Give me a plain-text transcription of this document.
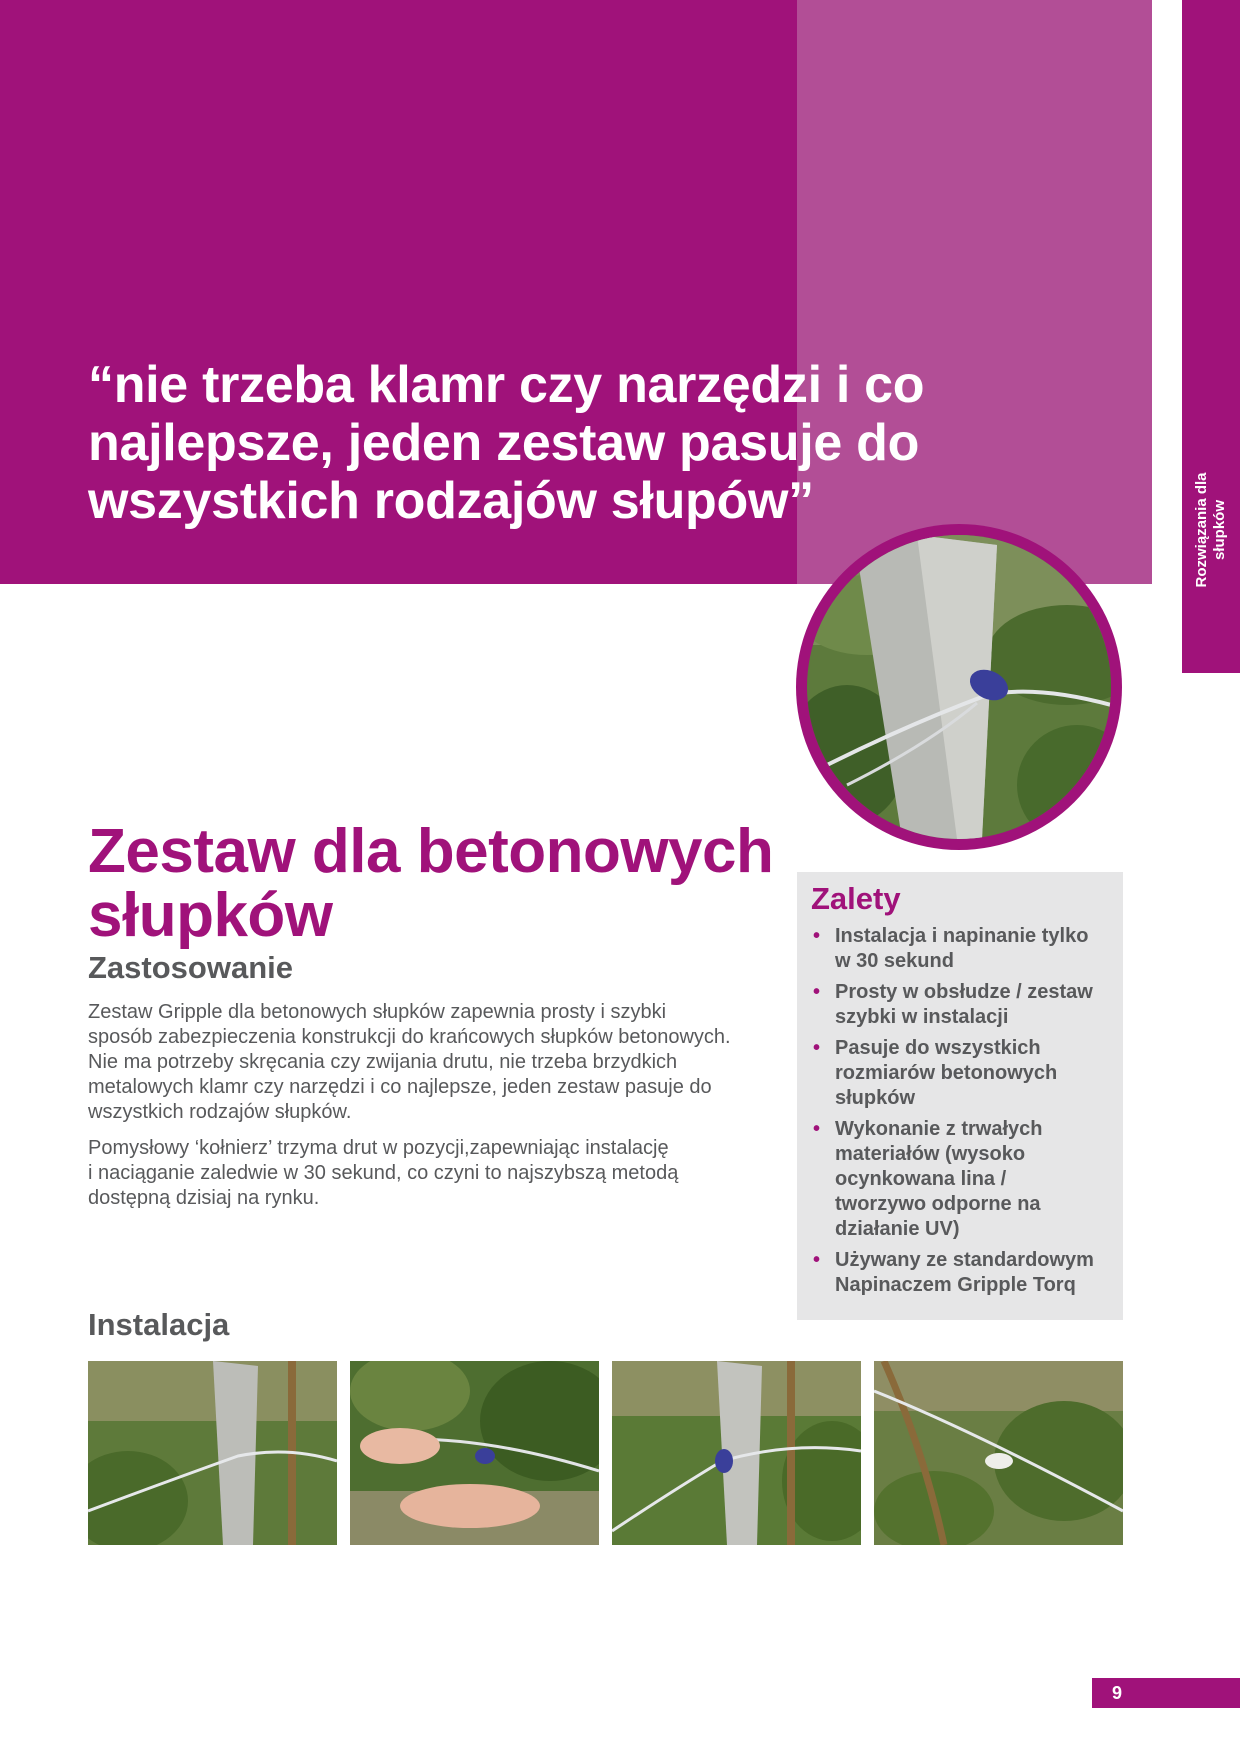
“nie trzeba klamr czy narzędzi i co
najlepsze, jeden zestaw pasuje do
wszystkich rodzajów słupów”	Rozwiązania dla
słupków
Zestaw dla betonowych
słupków
Zastosowanie

Zestaw Gripple dla betonowych słupków zapewnia prosty i szybki
sposób zabezpieczenia konstrukcji do krańcowych słupków betonowych.
Nie ma potrzeby skręcania czy zwijania drutu, nie trzeba brzydkich
metalowych klamr czy narzędzi i co najlepsze, jeden zestaw pasuje do
wszystkich rodzajów słupków.

Pomysłowy ‘kołnierz’ trzyma drut w pozycji,zapewniając instalację
i naciąganie zaledwie w 30 sekund, co czyni to najszybszą metodą
dostępną dzisiaj na rynku.

Zalety
• Instalacja i napinanie tylko
w 30 sekund
• Prosty w obsłudze / zestaw
szybki w instalacji
• Pasuje do wszystkich
rozmiarów betonowych
słupków
• Wykonanie z trwałych
materiałów (wysoko
ocynkowana lina /
tworzywo odporne na
działanie UV)
• Używany ze standardowym
Napinaczem Gripple Torq
Instalacja
9
